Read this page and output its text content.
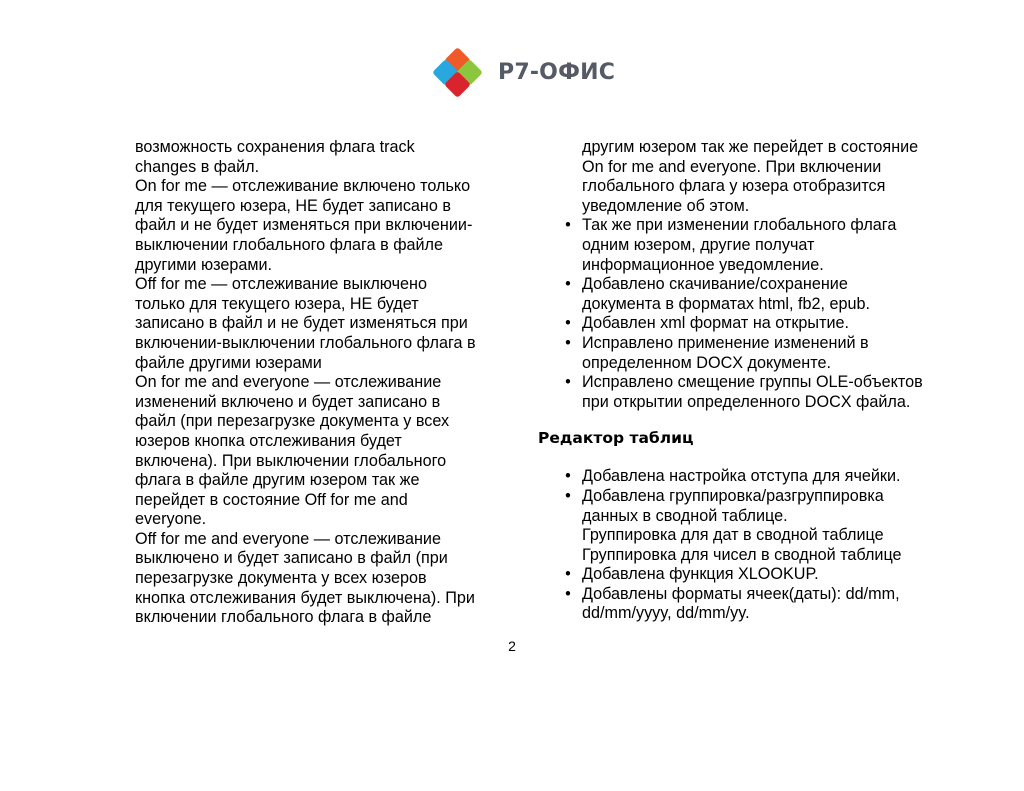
Р7-ОФИС
возможность сохранения флага track
changes в файл.
On for me — отслеживание включено только
для текущего юзера, НЕ будет записано в
файл и не будет изменяться при включении-
выключении глобального флага в файле
другими юзерами.
Off for me — отслеживание выключено
только для текущего юзера, НЕ будет
записано в файл и не будет изменяться при
включении-выключении глобального флага в
файле другими юзерами
On for me and everyone — отслеживание
изменений включено и будет записано в
файл (при перезагрузке документа у всех
юзеров кнопка отслеживания будет
включена). При выключении глобального
флага в файле другим юзером так же
перейдет в состояние Off for me and
everyone.
Off for me and everyone — отслеживание
выключено и будет записано в файл (при
перезагрузке документа у всех юзеров
кнопка отслеживания будет выключена). При
включении глобального флага в файле
другим юзером так же перейдет в состояние
On for me and everyone. При включении
глобального флага у юзера отобразится
уведомление об этом.
• Так же при изменении глобального флага
одним юзером, другие получат
информационное уведомление.
• Добавлено скачивание/сохранение
документа в форматах html, fb2, epub.
• Добавлен xml формат на открытие.
• Исправлено применение изменений в
определенном DOCX документе.
• Исправлено смещение группы OLE-объектов
при открытии определенного DOCX файла.
Редактор таблиц
• Добавлена настройка отступа для ячейки.
• Добавлена группировка/разгруппировка
данных в сводной таблице.
Группировка для дат в сводной таблице
Группировка для чисел в сводной таблице
• Добавлена функция XLOOKUP.
• Добавлены форматы ячеек(даты): dd/mm,
dd/mm/yyyy, dd/mm/yy.
2
